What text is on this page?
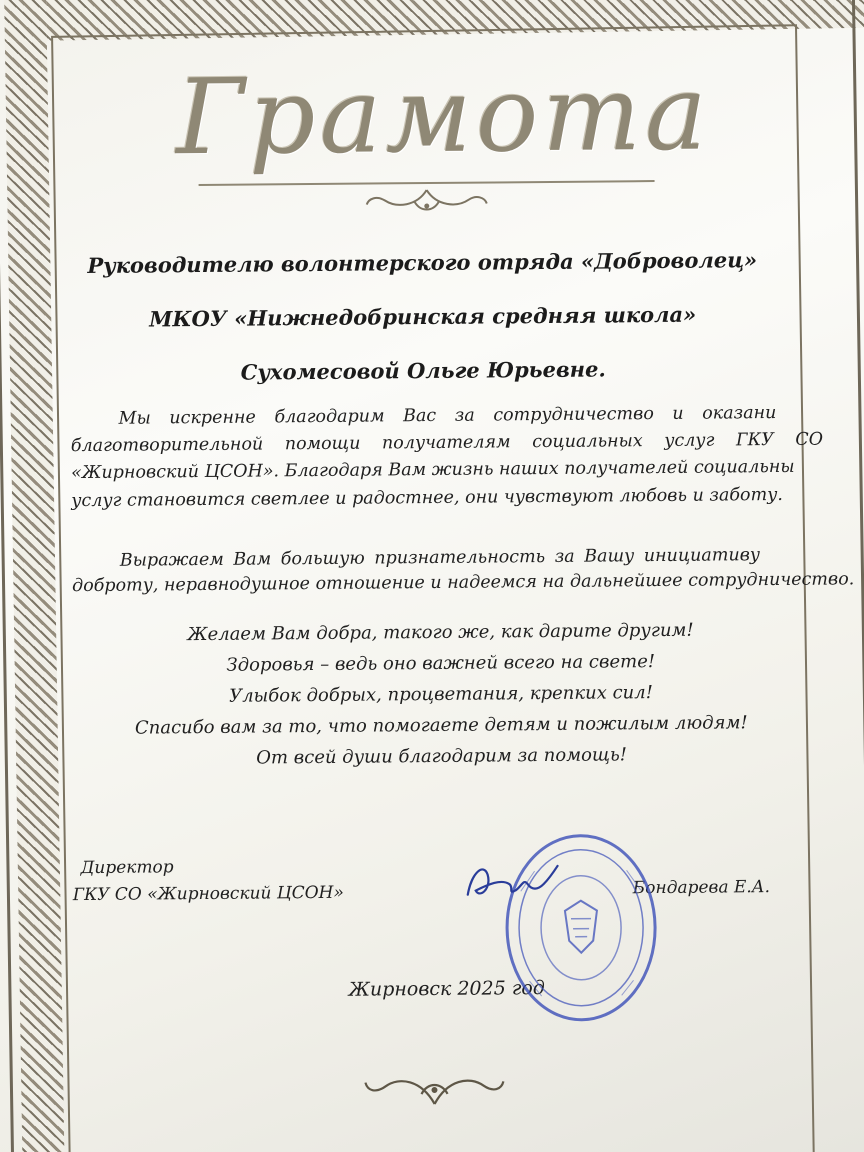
Грамота
Руководителю волонтерского отряда «Доброволец»
МКОУ «Нижнедобринская средняя школа»
Сухомесовой Ольге Юрьевне.
Мы искренне благодарим Вас за сотрудничество и оказани
благотворительной помощи получателям социальных услуг ГКУ СО
«Жирновский ЦСОН». Благодаря Вам жизнь наших получателей социальны
услуг становится светлее и радостнее, они чувствуют любовь и заботу.
Выражаем Вам большую признательность за Вашу инициативу
доброту, неравнодушное отношение и надеемся на дальнейшее сотрудничество.
Желаем Вам добра, такого же, как дарите другим!
Здоровья – ведь оно важней всего на свете!
Улыбок добрых, процветания, крепких сил!
Спасибо вам за то, что помогаете детям и пожилым людям!
От всей души благодарим за помощь!
Директор
ГКУ СО «Жирновский ЦСОН»	Бондарева Е.А.
Жирновск 2025 год
